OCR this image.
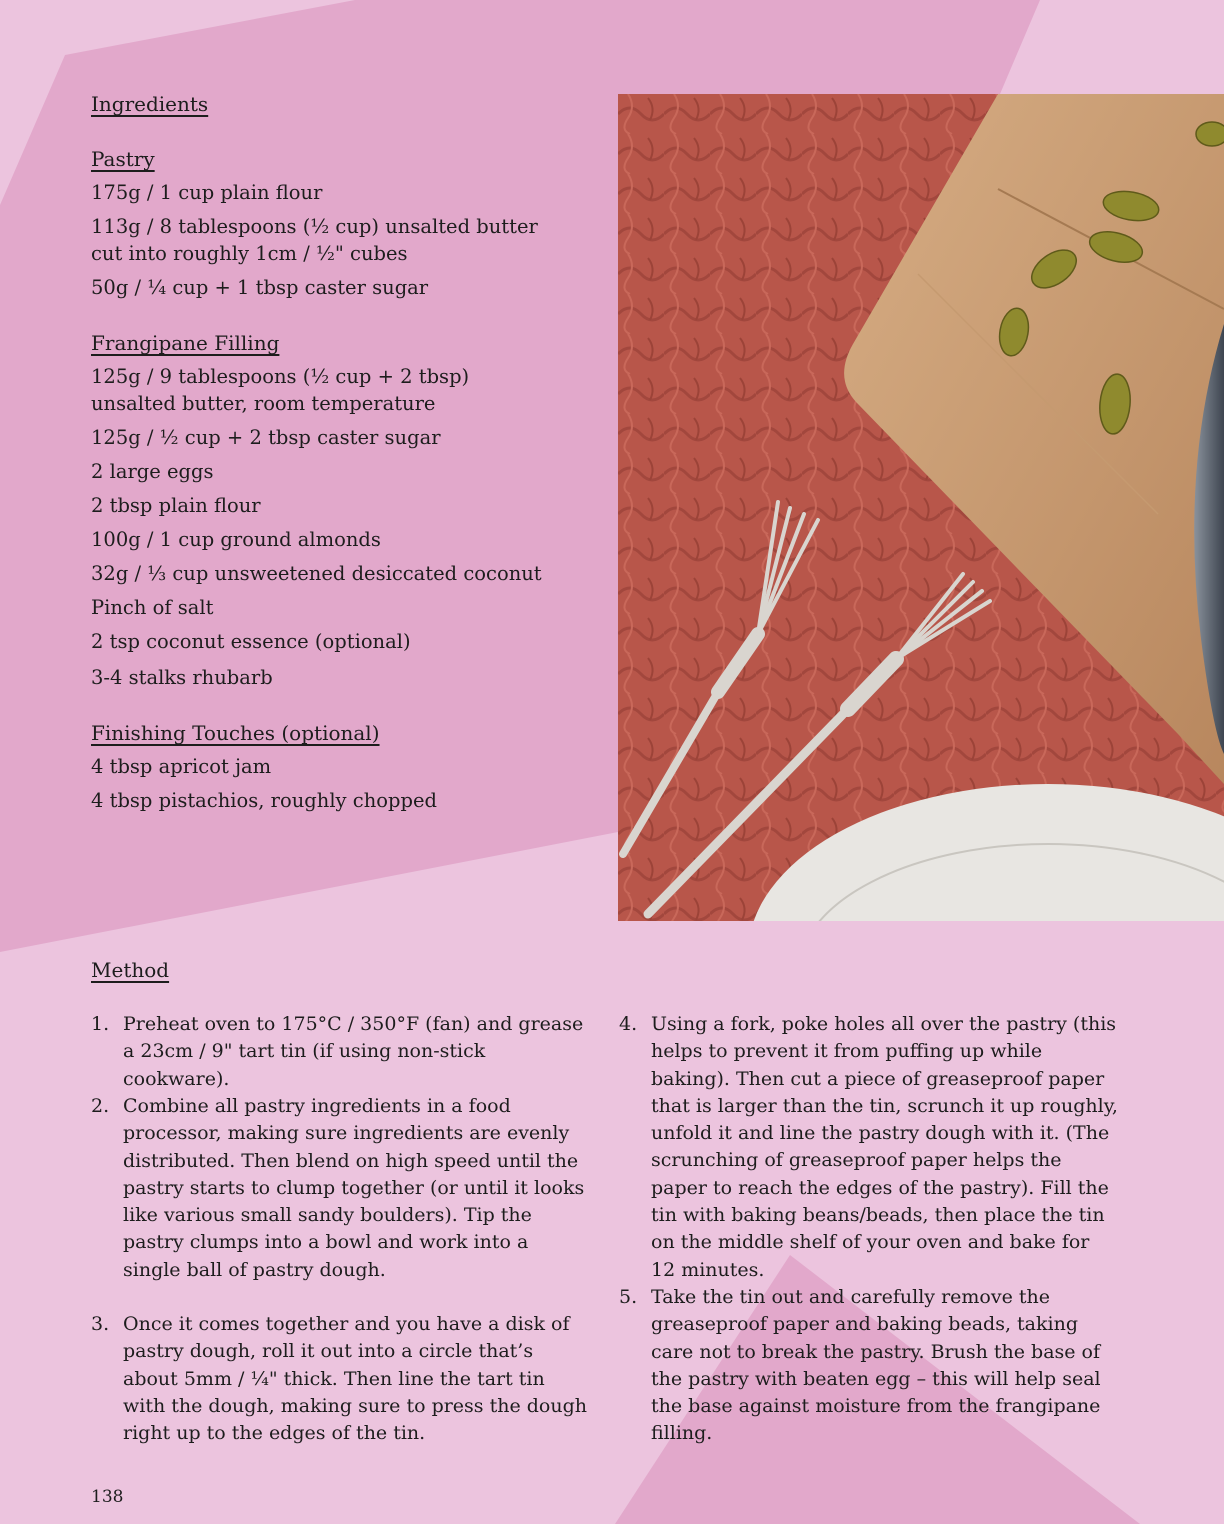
Ingredients
Pastry

175g / 1 cup plain flour

113g / 8 tablespoons (½ cup) unsalted butter

cut into roughly 1cm / ½" cubes

50g / ¼ cup + 1 tbsp caster sugar

Frangipane Filling

125g / 9 tablespoons (½ cup + 2 tbsp)

unsalted butter, room temperature

125g / ½ cup + 2 tbsp caster sugar

2 large eggs

2 tbsp plain flour

100g / 1 cup ground almonds

32g / ⅓ cup unsweetened desiccated coconut

Pinch of salt

2 tsp coconut essence (optional)

3-4 stalks rhubarb

Finishing Touches (optional)

4 tbsp apricot jam

4 tbsp pistachios, roughly chopped

Method
1. Preheat oven to 175°C / 350°F (fan) and grease a 23cm / 9" tart tin (if using non-stick cookware).
2. Combine all pastry ingredients in a food processor, making sure ingredients are evenly distributed. Then blend on high speed until the pastry starts to clump together (or until it looks like various small sandy boulders). Tip the pastry clumps into a bowl and work into a single ball of pastry dough.
3. Once it comes together and you have a disk of pastry dough, roll it out into a circle that’s about 5mm / ¼" thick. Then line the tart tin with the dough, making sure to press the dough right up to the edges of the tin.
4. Using a fork, poke holes all over the pastry (this helps to prevent it from puffing up while baking). Then cut a piece of greaseproof paper that is larger than the tin, scrunch it up roughly, unfold it and line the pastry dough with it. (The scrunching of greaseproof paper helps the paper to reach the edges of the pastry). Fill the tin with baking beans/beads, then place the tin on the middle shelf of your oven and bake for 12 minutes.
5. Take the tin out and carefully remove the greaseproof paper and baking beads, taking care not to break the pastry. Brush the base of the pastry with beaten egg – this will help seal the base against moisture from the frangipane filling.

138
